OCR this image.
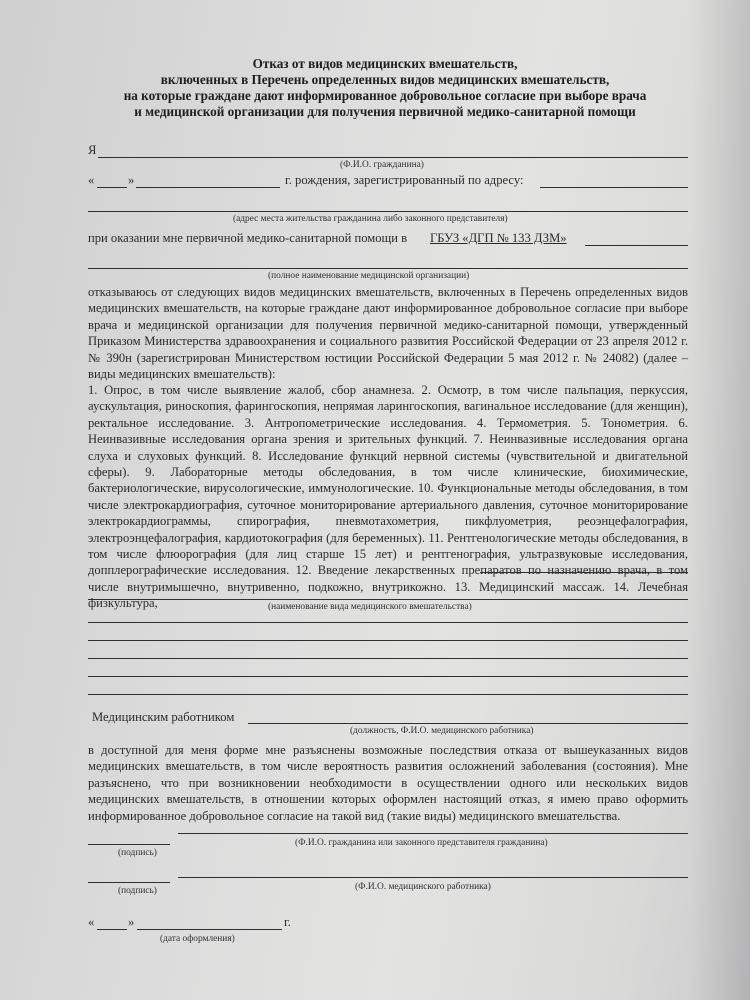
Отказ от видов медицинских вмешательств,
включенных в Перечень определенных видов медицинских вмешательств,
на которые граждане дают информированное добровольное согласие при выборе врача
и медицинской организации для получения первичной медико-санитарной помощи
Я
(Ф.И.О. гражданина)
«	»	г. рождения, зарегистрированный по адресу:
(адрес места жительства гражданина либо законного представителя)
при оказании мне первичной медико-санитарной помощи в ГБУЗ «ДГП № 133 ДЗМ»
(полное наименование медицинской организации)
отказываюсь от следующих видов медицинских вмешательств, включенных в Перечень определенных видов медицинских вмешательств, на которые граждане дают информированное добровольное согласие при выборе врача и медицинской организации для получения первичной медико-санитарной помощи, утвержденный Приказом Министерства здравоохранения и социального развития Российской Федерации от 23 апреля 2012 г. № 390н (зарегистрирован Министерством юстиции Российской Федерации 5 мая 2012 г. № 24082) (далее – виды медицинских вмешательств):
1. Опрос, в том числе выявление жалоб, сбор анамнеза. 2. Осмотр, в том числе пальпация, перкуссия, аускультация, риноскопия, фарингоскопия, непрямая ларингоскопия, вагинальное исследование (для женщин), ректальное исследование. 3. Антропометрические исследования. 4. Термометрия. 5. Тонометрия. 6. Неинвазивные исследования органа зрения и зрительных функций. 7. Неинвазивные исследования органа слуха и слуховых функций. 8. Исследование функций нервной системы (чувствительной и двигательной сферы). 9. Лабораторные методы обследования, в том числе клинические, биохимические, бактериологические, вирусологические, иммунологические. 10. Функциональные методы обследования, в том числе электрокардиография, суточное мониторирование артериального давления, суточное мониторирование электрокардиограммы, спирография, пневмотахометрия, пикфлуометрия, реоэнцефалография, электроэнцефалография, кардиотокография (для беременных). 11. Рентгенологические методы обследования, в том числе флюорография (для лиц старше 15 лет) и рентгенография, ультразвуковые исследования, допплерографические исследования. 12. Введение лекарственных препаратов по назначению врача, в том числе внутримышечно, внутривенно, подкожно, внутрикожно. 13. Медицинский массаж. 14. Лечебная физкультура,	(наименование вида медицинского вмешательства)
Медицинским работником
(должность, Ф.И.О. медицинского работника)
в доступной для меня форме мне разъяснены возможные последствия отказа от вышеуказанных видов медицинских вмешательств, в том числе вероятность развития осложнений заболевания (состояния). Мне разъяснено, что при возникновении необходимости в осуществлении одного или нескольких видов медицинских вмешательств, в отношении которых оформлен настоящий отказ, я имею право оформить информированное добровольное согласие на такой вид (такие виды) медицинского вмешательства.
(подпись)
(Ф.И.О. гражданина или законного представителя гражданина)
(подпись)	(Ф.И.О. медицинского работника)
«	»	г.
(дата оформления)
